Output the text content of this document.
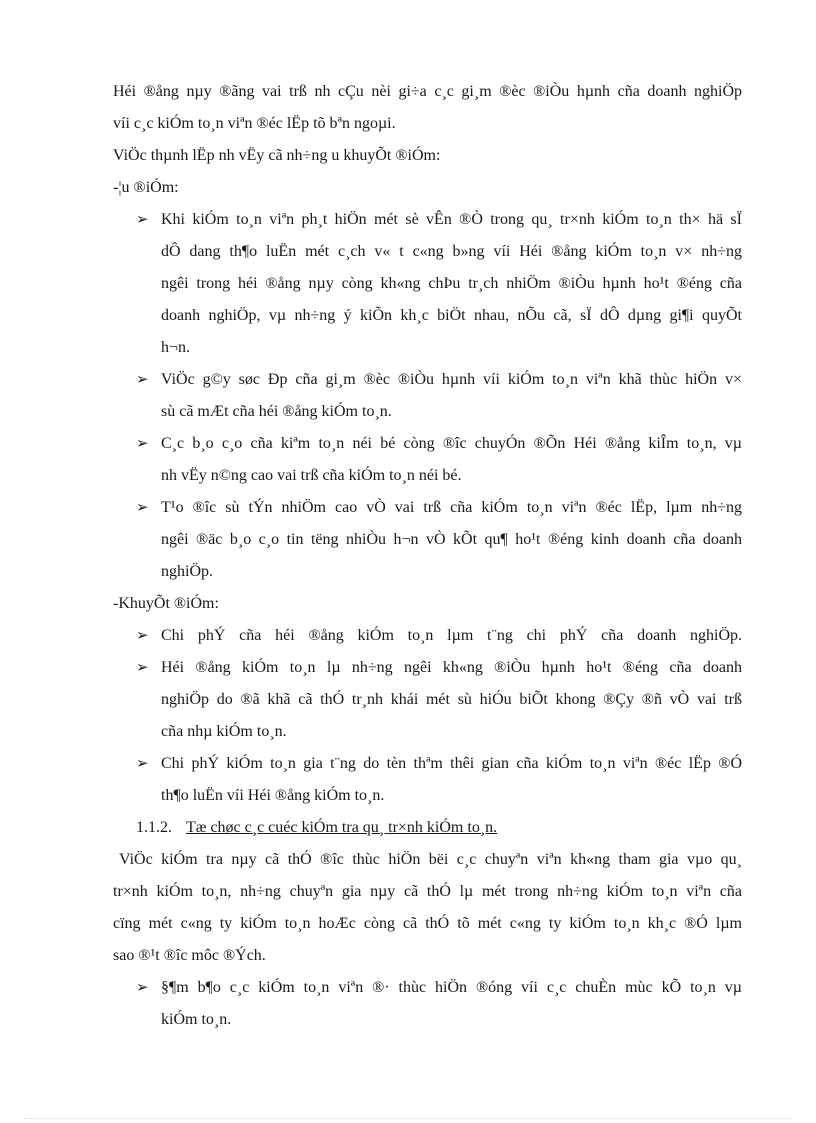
Héi ®ång nµy ®ãng vai trß nh cÇu nèi gi÷a c¸c gi¸m ®èc ®iÒu hµnh cña doanh nghiÖp
víi c¸c kiÓm to¸n viªn ®éc lËp tõ bªn ngoµi.
ViÖc thµnh lËp nh vËy cã nh÷ng u khuyÕt ®iÓm:
-¦u ®iÓm:
➢ Khi kiÓm to¸n viªn ph¸t hiÖn mét sè vÊn ®Ò trong qu¸ tr×nh kiÓm to¸n th× hä sÏ
dÔ dang th¶o luËn mét c¸ch v« t c«ng b»ng víi Héi ®ång kiÓm to¸n v× nh÷ng
ngêi trong héi ®ång nµy còng kh«ng chÞu tr¸ch nhiÖm ®iÒu hµnh ho¹t ®éng cña
doanh nghiÖp, vµ nh÷ng ý kiÕn kh¸c biÖt nhau, nÕu cã, sÏ dÔ dµng gi¶i quyÕt
h¬n.
➢ ViÖc g©y søc Ðp cña gi¸m ®èc ®iÒu hµnh víi kiÓm to¸n viªn khã thùc hiÖn v×
sù cã mÆt cña héi ®ång kiÓm to¸n.
➢ C¸c b¸o c¸o cña kiªm to¸n néi bé còng ®îc chuyÓn ®Õn Héi ®ång kiÎm to¸n, vµ
nh vËy n©ng cao vai trß cña kiÓm to¸n néi bé.
➢ T¹o ®îc sù tÝn nhiÖm cao vÒ vai trß cña kiÓm to¸n viªn ®éc lËp, lµm nh÷ng
ngêi ®äc b¸o c¸o tin tëng nhiÒu h¬n vÒ kÕt qu¶ ho¹t ®éng kinh doanh cña doanh
nghiÖp.
-KhuyÕt ®iÓm:
➢ Chi phÝ cña héi ®ång kiÓm to¸n lµm t¨ng chi phÝ cña doanh nghiÖp.
➢ Héi ®ång kiÓm to¸n lµ nh÷ng ngêi kh«ng ®iÒu hµnh ho¹t ®éng cña doanh
nghiÖp do ®ã khã cã thÓ tr¸nh khái mét sù hiÓu biÕt khong ®Çy ®ñ vÒ vai trß
cña nhµ kiÓm to¸n.
➢ Chi phÝ kiÓm to¸n gia t¨ng do tèn thªm thêi gian cña kiÓm to¸n viªn ®éc lËp ®Ó
th¶o luËn víi Héi ®ång kiÓm to¸n.
1.1.2. Tæ chøc c¸c cuéc kiÓm tra qu¸ tr×nh kiÓm to¸n.
ViÖc kiÓm tra nµy cã thÓ ®îc thùc hiÖn bëi c¸c chuyªn viªn kh«ng tham gia vµo qu¸
tr×nh kiÓm to¸n, nh÷ng chuyªn gia nµy cã thÓ lµ mét trong nh÷ng kiÓm to¸n viªn cña
cïng mét c«ng ty kiÓm to¸n hoÆc còng cã thÓ tõ mét c«ng ty kiÓm to¸n kh¸c ®Ó lµm
sao ®¹t ®îc môc ®Ých.
➢ §¶m b¶o c¸c kiÓm to¸n viªn ®· thùc hiÖn ®óng víi c¸c chuÈn mùc kÕ to¸n vµ
kiÓm to¸n.
